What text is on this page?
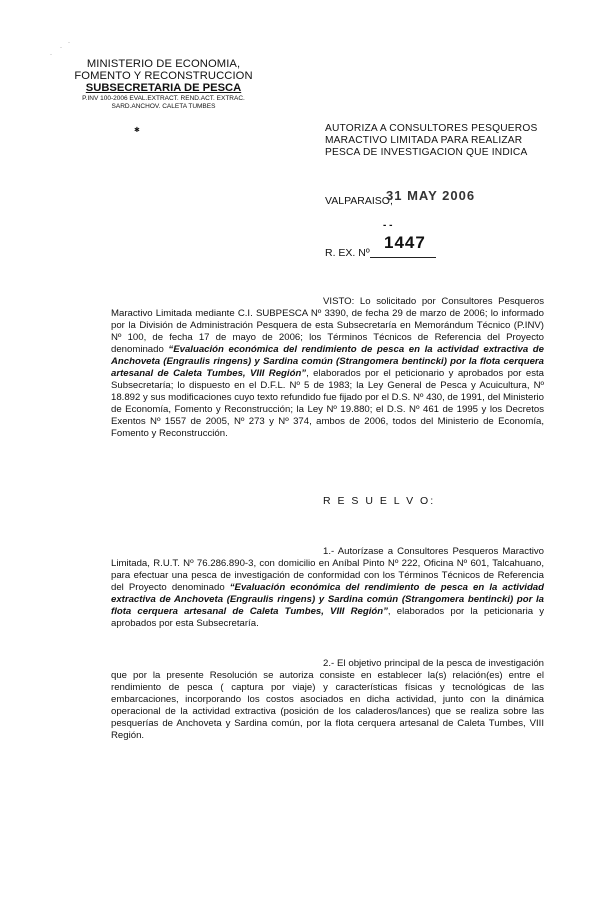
·
·
·
MINISTERIO DE ECONOMIA,
FOMENTO Y RECONSTRUCCION
SUBSECRETARIA DE PESCA
P.INV 100-2006 EVAL.EXTRACT. REND.ACT. EXTRAC.
SARD.ANCHOV. CALETA TUMBES
✱	AUTORIZA A CONSULTORES PESQUEROS
MARACTIVO LIMITADA PARA REALIZAR
PESCA DE INVESTIGACION QUE INDICA
VALPARAISO,
31 MAY 2006
- -
R. EX. Nº
1447
VISTO: Lo solicitado por Consultores Pesqueros Maractivo Limitada mediante C.I. SUBPESCA Nº 3390, de fecha 29 de marzo de 2006; lo informado por la División de Administración Pesquera de esta Subsecretaría en Memorándum Técnico (P.INV) Nº 100, de fecha 17 de mayo de 2006; los Términos Técnicos de Referencia del Proyecto denominado “Evaluación económica del rendimiento de pesca en la actividad extractiva de Anchoveta (Engraulis ringens) y Sardina común (Strangomera bentincki) por la flota cerquera artesanal de Caleta Tumbes, VIII Región”, elaborados por el peticionario y aprobados por esta Subsecretaría; lo dispuesto en el D.F.L. Nº 5 de 1983; la Ley General de Pesca y Acuicultura, Nº 18.892 y sus modificaciones cuyo texto refundido fue fijado por el D.S. Nº 430, de 1991, del Ministerio de Economía, Fomento y Reconstrucción; la Ley Nº 19.880; el D.S. Nº 461 de 1995 y los Decretos Exentos Nº 1557 de 2005, Nº 273 y Nº 374, ambos de 2006, todos del Ministerio de Economía, Fomento y Reconstrucción.
R E S U E L V O:
1.- Autorízase a Consultores Pesqueros Maractivo Limitada, R.U.T. Nº 76.286.890-3, con domicilio en Aníbal Pinto Nº 222, Oficina Nº 601, Talcahuano, para efectuar una pesca de investigación de conformidad con los Términos Técnicos de Referencia del Proyecto denominado “Evaluación económica del rendimiento de pesca en la actividad extractiva de Anchoveta (Engraulis ringens) y Sardina común (Strangomera bentincki) por la flota cerquera artesanal de Caleta Tumbes, VIII Región”, elaborados por la peticionaria y aprobados por esta Subsecretaría.
2.- El objetivo principal de la pesca de investigación que por la presente Resolución se autoriza consiste en establecer la(s) relación(es) entre el rendimiento de pesca ( captura por viaje) y características físicas y tecnológicas de las embarcaciones, incorporando los costos asociados en dicha actividad, junto con la dinámica operacional de la actividad extractiva (posición de los caladeros/lances) que se realiza sobre las pesquerías de Anchoveta y Sardina común, por la flota cerquera artesanal de Caleta Tumbes, VIII Región.
